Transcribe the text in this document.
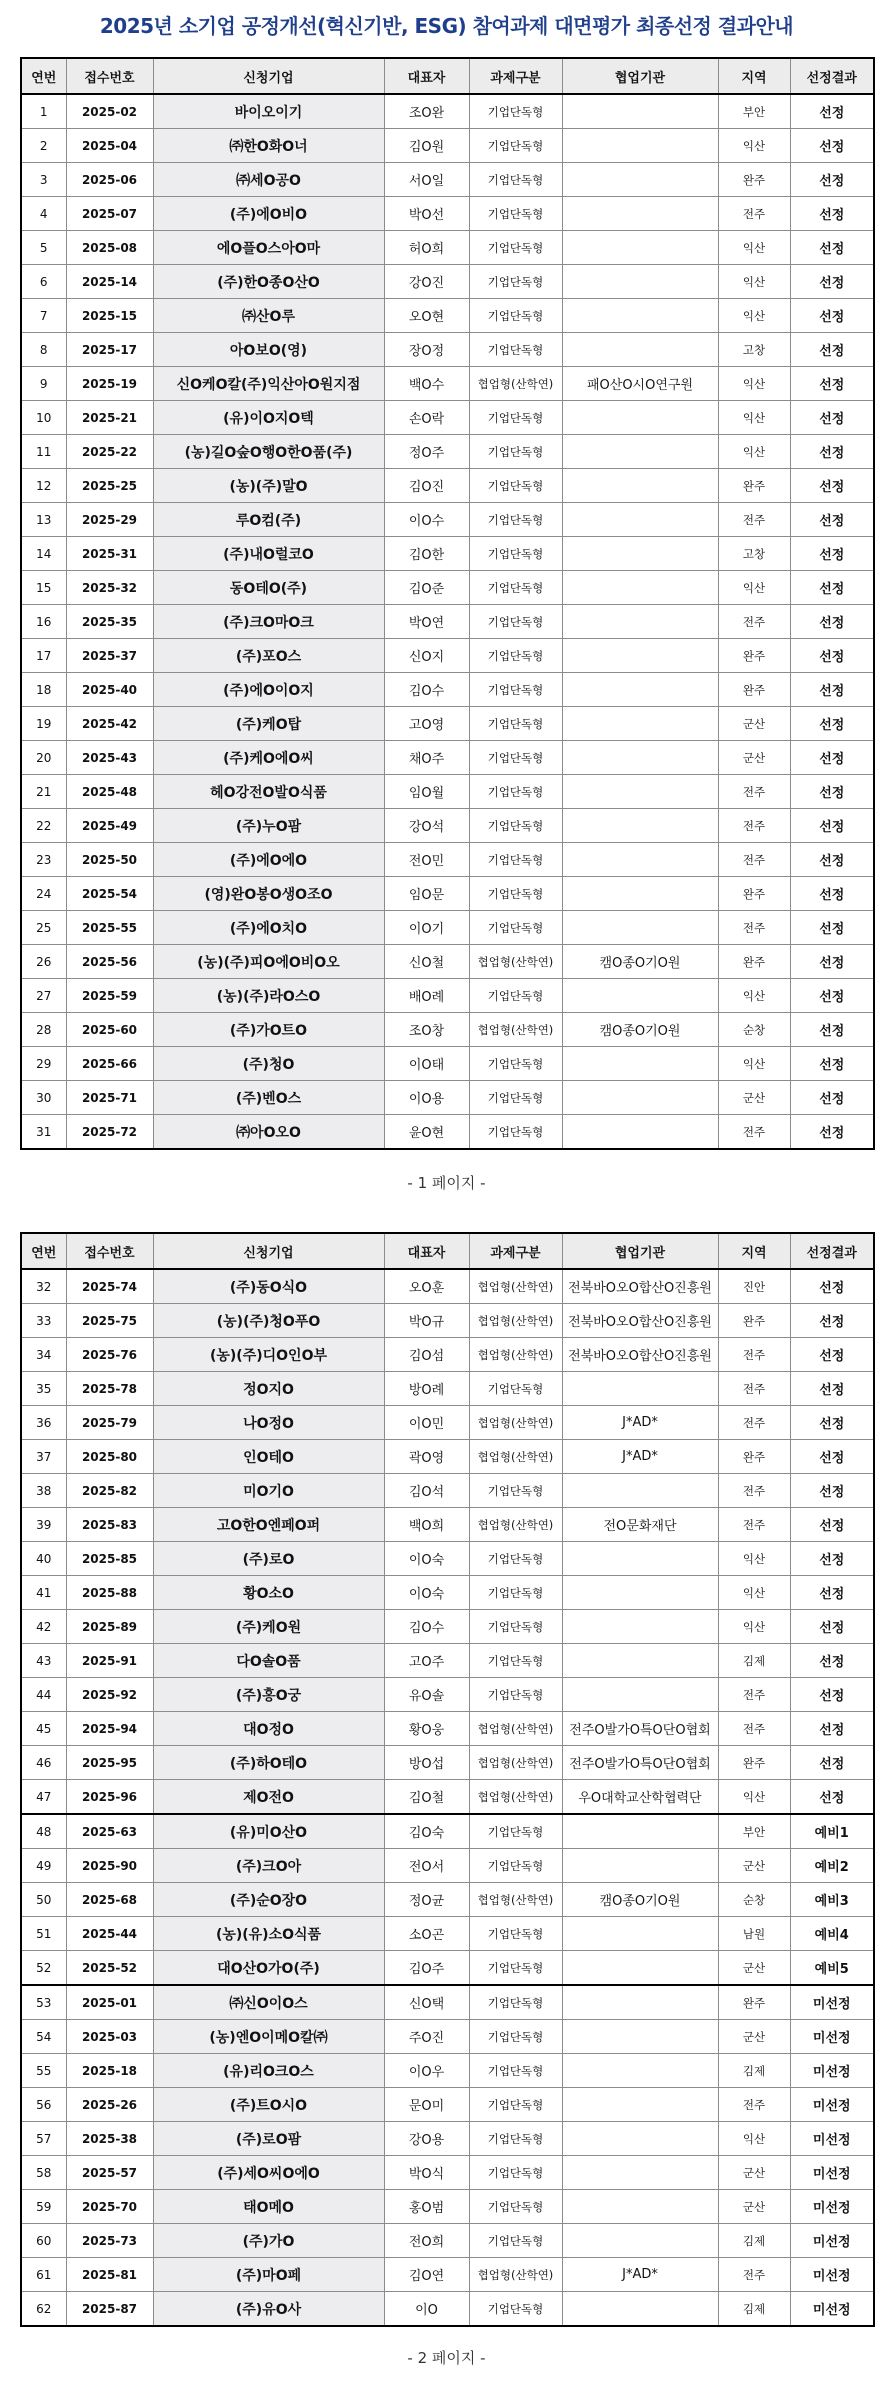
2025년 소기업 공정개선(혁신기반, ESG) 참여과제 대면평가 최종선정 결과안내
연번	접수번호	신청기업	대표자	과제구분	협업기관	지역	선정결과
1	2025-02	바이오이기	조O완	기업단독형		부안	선정
2	2025-04	㈜한O화O너	김O원	기업단독형		익산	선정
3	2025-06	㈜세O공O	서O일	기업단독형		완주	선정
4	2025-07	(주)에O비O	박O선	기업단독형		전주	선정
5	2025-08	에O플O스아O마	허O희	기업단독형		익산	선정
6	2025-14	(주)한O종O산O	강O진	기업단독형		익산	선정
7	2025-15	㈜산O루	오O현	기업단독형		익산	선정
8	2025-17	아O보O(영)	장O정	기업단독형		고창	선정
9	2025-19	신O케O칼(주)익산아O원지점	백O수	협업형(산학연)	패O산O시O연구원	익산	선정
10	2025-21	(유)이O지O텍	손O락	기업단독형		익산	선정
11	2025-22	(농)길O숲O행O한O품(주)	정O주	기업단독형		익산	선정
12	2025-25	(농)(주)말O	김O진	기업단독형		완주	선정
13	2025-29	루O컴(주)	이O수	기업단독형		전주	선정
14	2025-31	(주)내O럴코O	김O한	기업단독형		고창	선정
15	2025-32	동O테O(주)	김O준	기업단독형		익산	선정
16	2025-35	(주)크O마O크	박O연	기업단독형		전주	선정
17	2025-37	(주)포O스	신O지	기업단독형		완주	선정
18	2025-40	(주)에O이O지	김O수	기업단독형		완주	선정
19	2025-42	(주)케O탑	고O영	기업단독형		군산	선정
20	2025-43	(주)케O에O씨	채O주	기업단독형		군산	선정
21	2025-48	헤O강전O발O식품	임O월	기업단독형		전주	선정
22	2025-49	(주)누O팜	강O석	기업단독형		전주	선정
23	2025-50	(주)에O에O	전O민	기업단독형		전주	선정
24	2025-54	(영)완O봉O생O조O	임O문	기업단독형		완주	선정
25	2025-55	(주)에O치O	이O기	기업단독형		전주	선정
26	2025-56	(농)(주)피O에O비O오	신O철	협업형(산학연)	캠O종O기O원	완주	선정
27	2025-59	(농)(주)라O스O	배O례	기업단독형		익산	선정
28	2025-60	(주)가O트O	조O창	협업형(산학연)	캠O종O기O원	순창	선정
29	2025-66	(주)청O	이O태	기업단독형		익산	선정
30	2025-71	(주)벤O스	이O용	기업단독형		군산	선정
31	2025-72	㈜아O오O	윤O현	기업단독형		전주	선정
- 1 페이지 -
연번	접수번호	신청기업	대표자	과제구분	협업기관	지역	선정결과
32	2025-74	(주)동O식O	오O훈	협업형(산학연)	전북바O오O합산O진흥원	진안	선정
33	2025-75	(농)(주)청O푸O	박O규	협업형(산학연)	전북바O오O합산O진흥원	완주	선정
34	2025-76	(농)(주)디O인O부	김O섬	협업형(산학연)	전북바O오O합산O진흥원	전주	선정
35	2025-78	정O지O	방O례	기업단독형		전주	선정
36	2025-79	나O정O	이O민	협업형(산학연)	J*AD*	전주	선정
37	2025-80	인O테O	곽O영	협업형(산학연)	J*AD*	완주	선정
38	2025-82	미O기O	김O석	기업단독형		전주	선정
39	2025-83	고O한O엔페O퍼	백O희	협업형(산학연)	전O문화재단	전주	선정
40	2025-85	(주)로O	이O숙	기업단독형		익산	선정
41	2025-88	황O소O	이O숙	기업단독형		익산	선정
42	2025-89	(주)케O원	김O수	기업단독형		익산	선정
43	2025-91	다O솔O품	고O주	기업단독형		김제	선정
44	2025-92	(주)홍O궁	유O솔	기업단독형		전주	선정
45	2025-94	대O정O	황O웅	협업형(산학연)	전주O발가O특O단O협회	전주	선정
46	2025-95	(주)하O테O	방O섭	협업형(산학연)	전주O발가O특O단O협회	완주	선정
47	2025-96	제O전O	김O철	협업형(산학연)	우O대학교산학협력단	익산	선정
48	2025-63	(유)미O산O	김O숙	기업단독형		부안	예비1
49	2025-90	(주)크O아	전O서	기업단독형		군산	예비2
50	2025-68	(주)순O장O	정O균	협업형(산학연)	캠O종O기O원	순창	예비3
51	2025-44	(농)(유)소O식품	소O곤	기업단독형		남원	예비4
52	2025-52	대O산O가O(주)	김O주	기업단독형		군산	예비5
53	2025-01	㈜신O이O스	신O택	기업단독형		완주	미선정
54	2025-03	(농)엔O이메O칼㈜	주O진	기업단독형		군산	미선정
55	2025-18	(유)리O크O스	이O우	기업단독형		김제	미선정
56	2025-26	(주)트O시O	문O미	기업단독형		전주	미선정
57	2025-38	(주)로O팜	강O용	기업단독형		익산	미선정
58	2025-57	(주)세O씨O에O	박O식	기업단독형		군산	미선정
59	2025-70	태O메O	홍O범	기업단독형		군산	미선정
60	2025-73	(주)가O	전O희	기업단독형		김제	미선정
61	2025-81	(주)마O페	김O연	협업형(산학연)	J*AD*	전주	미선정
62	2025-87	(주)유O사	이O	기업단독형		김제	미선정
- 2 페이지 -
